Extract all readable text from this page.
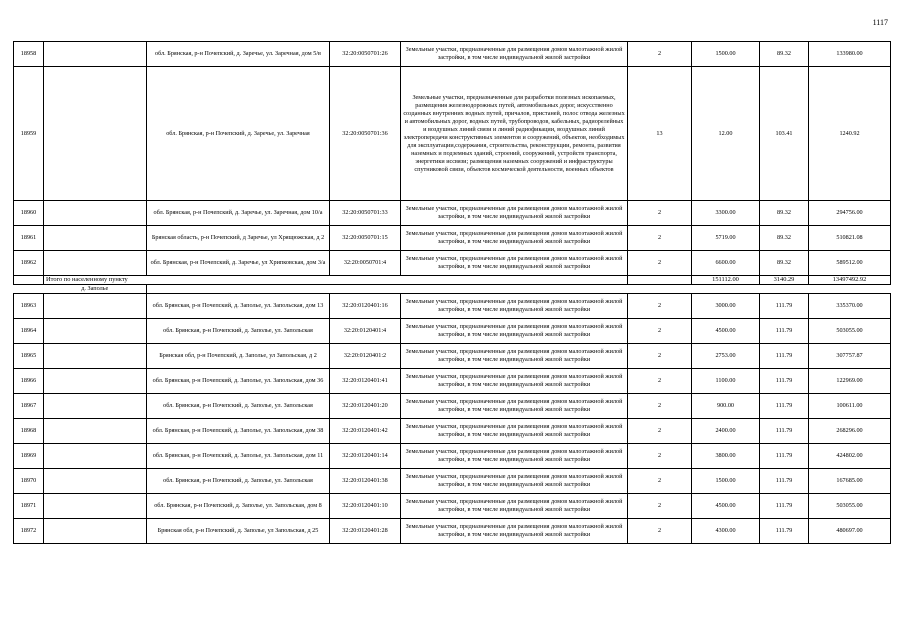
1117
18958		обл. Брянская, р-н Почепский, д. Заречье, ул. Заречная, дом 5/в	32:20:0050701:26	Земельные участки, предназначенные для размещения домов малоэтажной жилой застройки, в том числе индивидуальной жилой застройки	2	1500.00	89.32	133980.00
18959		обл. Брянская, р-н Почепский, д. Заречье, ул. Заречная	32:20:0050701:36	Земельные участки, предназначенные для разработки полезных ископаемых, размещения железнодорожных путей, автомобильных дорог, искусственно созданных внутренних водных путей, причалов, пристаней, полос отвода железных и автомобильных дорог, водных путей, трубопроводов, кабельных, радиорелейных и воздушных линий связи и линий радиофикации, воздушных линий электропередачи конструктивных элементов и сооружений, объектов, необходимых для эксплуатации,содержания, строительства, реконструкции, ремонта, развития наземных и подземных зданий, строений, сооружений, устройств транспорта, энергетики иссвязи; размещения наземных сооружений и инфраструктуры спутниковой связи, объектов космической деятельности, военных объектов	13	12.00	103.41	1240.92
18960		обл. Брянская, р-н Почепский, д. Заречье, ул. Заречная, дом 10/а	32:20:0050701:33	Земельные участки, предназначенные для размещения домов малоэтажной жилой застройки, в том числе индивидуальной жилой застройки	2	3300.00	89.32	294756.00
18961		Брянская область, р-н Почепский, д Заречье, ул Хрящюжская, д 2	32:20:0050701:15	Земельные участки, предназначенные для размещения домов малоэтажной жилой застройки, в том числе индивидуальной жилой застройки	2	5719.00	89.32	510821.08
18962		обл. Брянская, р-н Почепский, д. Заречье, ул Хрипковская, дом 3/а	32:20:0050701:4	Земельные участки, предназначенные для размещения домов малоэтажной жилой застройки, в том числе индивидуальной жилой застройки	2	6600.00	89.32	589512.00
	Итого по населенному пункту					151112.00	3140.29	13497492.92
	д. Заполье							
18963		обл. Брянская, р-н Почепский, д. Заполье, ул. Запольская, дом 13	32:20:0120401:16	Земельные участки, предназначенные для размещения домов малоэтажной жилой застройки, в том числе индивидуальной жилой застройки	2	3000.00	111.79	335370.00
18964		обл. Брянская, р-н Почепский, д. Заполье, ул. Запольская	32:20:0120401:4	Земельные участки, предназначенные для размещения домов малоэтажной жилой застройки, в том числе индивидуальной жилой застройки	2	4500.00	111.79	503055.00
18965		Брянская обл, р-н Почепский, д. Заполье, ул Запольская, д 2	32:20:0120401:2	Земельные участки, предназначенные для размещения домов малоэтажной жилой застройки, в том числе индивидуальной жилой застройки	2	2753.00	111.79	307757.87
18966		обл. Брянская, р-н Почепский, д. Заполье, ул. Запольская, дом 36	32:20:0120401:41	Земельные участки, предназначенные для размещения домов малоэтажной жилой застройки, в том числе индивидуальной жилой застройки	2	1100.00	111.79	122969.00
18967		обл. Брянская, р-н Почепский, д. Заполье, ул. Запольская	32:20:0120401:20	Земельные участки, предназначенные для размещения домов малоэтажной жилой застройки, в том числе индивидуальной жилой застройки	2	900.00	111.79	100611.00
18968		обл. Брянская, р-н Почепский, д. Заполье, ул. Запольская, дом 38	32:20:0120401:42	Земельные участки, предназначенные для размещения домов малоэтажной жилой застройки, в том числе индивидуальной жилой застройки	2	2400.00	111.79	268296.00
18969		обл. Брянская, р-н Почепский, д. Заполье, ул. Запольская, дом 11	32:20:0120401:14	Земельные участки, предназначенные для размещения домов малоэтажной жилой застройки, в том числе индивидуальной жилой застройки	2	3800.00	111.79	424802.00
18970		обл. Брянская, р-н Почепский, д. Заполье, ул. Запольская	32:20:0120401:38	Земельные участки, предназначенные для размещения домов малоэтажной жилой застройки, в том числе индивидуальной жилой застройки	2	1500.00	111.79	167685.00
18971		обл. Брянская, р-н Почепский, д. Заполье, ул. Запольская, дом 8	32:20:0120401:10	Земельные участки, предназначенные для размещения домов малоэтажной жилой застройки, в том числе индивидуальной жилой застройки	2	4500.00	111.79	503055.00
18972		Брянская обл, р-н Почепский, д. Заполье, ул Запольская, д 25	32:20:0120401:28	Земельные участки, предназначенные для размещения домов малоэтажной жилой застройки, в том числе индивидуальной жилой застройки	2	4300.00	111.79	480697.00
